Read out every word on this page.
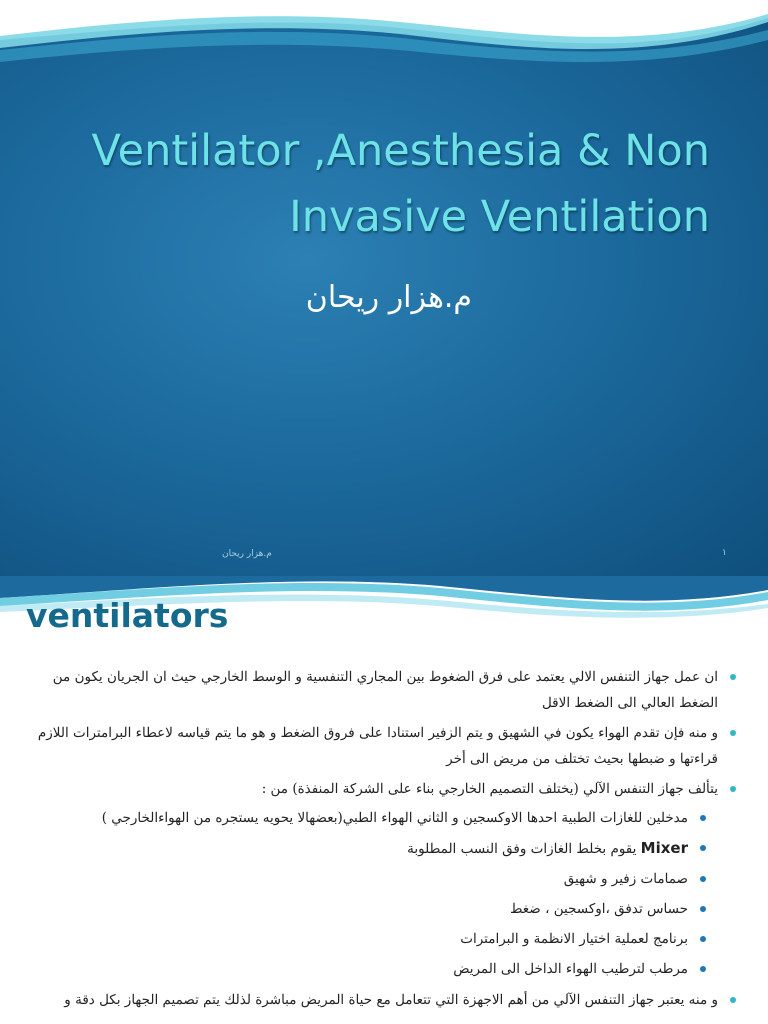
Ventilator ,Anesthesia & Non
Invasive Ventilation
م.هزار ريحان
م.هزار ريحان	١
ventilators
ان عمل جهاز التنفس الالي يعتمد على فرق الضغوط بين المجاري التنفسية و الوسط الخارجي حيث ان الجريان يكون من الضغط العالي الى الضغط الاقل
و منه فإن تقدم الهواء يكون في الشهيق و يتم الزفير استنادا على فروق الضغط و هو ما يتم قياسه لاعطاء البرامترات اللازم قراءتها و ضبطها بحيث تختلف من مريض الى أخر
يتألف جهاز التنفس الآلي (يختلف التصميم الخارجي بناء على الشركة المنفذة) من :
مدخلين للغازات الطبية احدها الاوكسجين و الثاني الهواء الطبي(بعضهالا يحويه يستجره من الهواءالخارجي )
Mixer يقوم بخلط الغازات وفق النسب المطلوبة
صمامات زفير و شهيق
حساس تدفق ،اوكسجين ، ضغط
برنامج لعملية اختيار الانظمة و البرامترات
مرطب لترطيب الهواء الداخل الى المريض
و منه يعتبر جهاز التنفس الآلي من أهم الاجهزة التي تتعامل مع حياة المريض مباشرة لذلك يتم تصميم الجهاز بكل دقة و
